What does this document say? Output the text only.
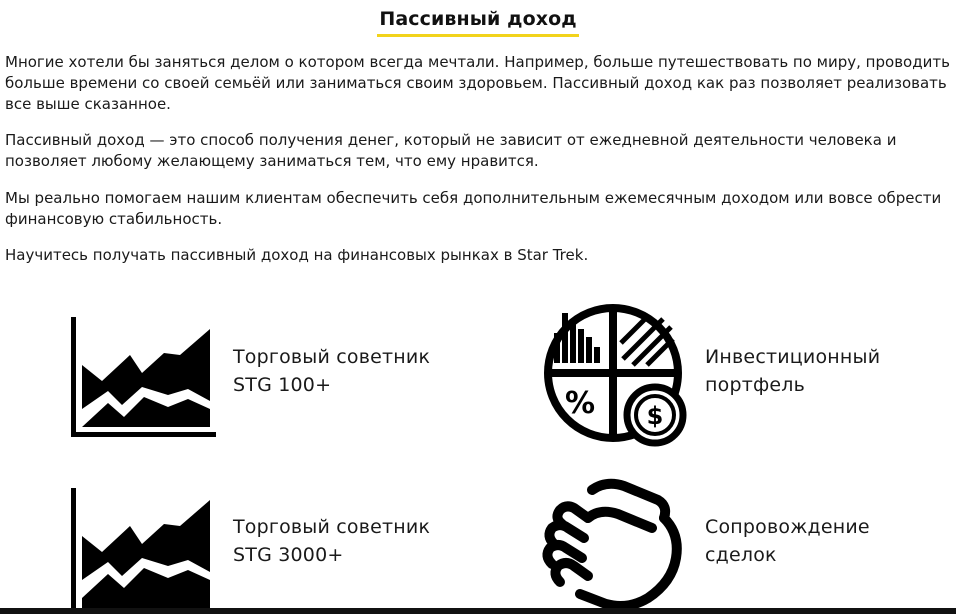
Пассивный доход

Многие хотели бы заняться делом о котором всегда мечтали. Например, больше путешествовать по миру, проводить больше времени со своей семьёй или заниматься своим здоровьем. Пассивный доход как раз позволяет реализовать все выше сказанное.

Пассивный доход — это способ получения денег, который не зависит от ежедневной деятельности человека и позволяет любому желающему заниматься тем, что ему нравится.

Мы реально помогаем нашим клиентам обеспечить себя дополнительным ежемесячным доходом или вовсе обрести финансовую стабильность.

Научитесь получать пассивный доход на финансовых рынках в Star Trek.

Торговый советник
STG 100+
% $
Инвестиционный
портфель
Торговый советник
STG 3000+
Сопровождение
сделок
